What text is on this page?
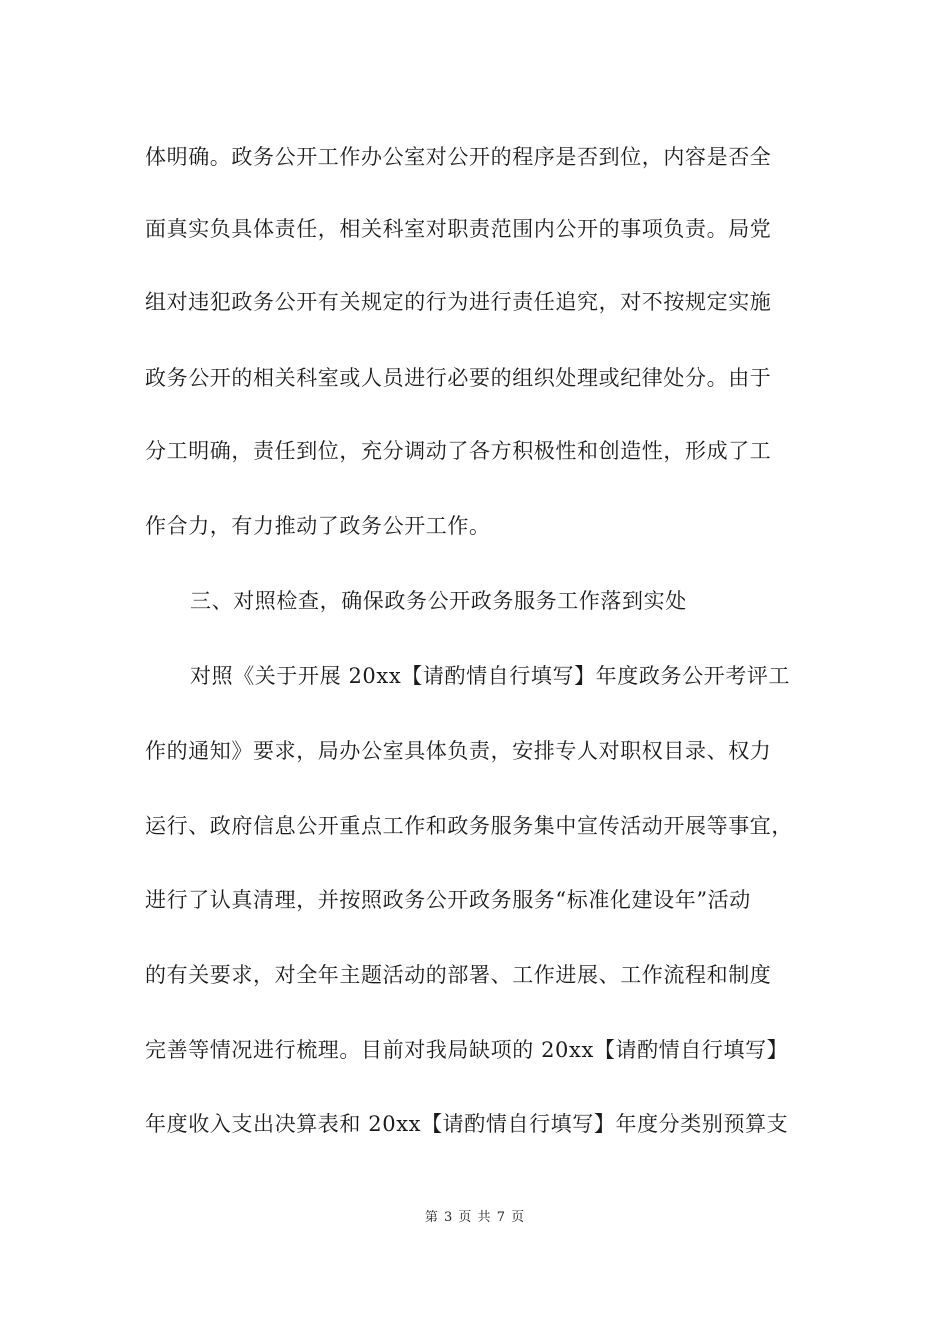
体明确。政务公开工作办公室对公开的程序是否到位，内容是否全
面真实负具体责任，相关科室对职责范围内公开的事项负责。局党
组对违犯政务公开有关规定的行为进行责任追究，对不按规定实施
政务公开的相关科室或人员进行必要的组织处理或纪律处分。由于
分工明确，责任到位，充分调动了各方积极性和创造性，形成了工
作合力，有力推动了政务公开工作。
三、对照检查，确保政务公开政务服务工作落到实处
对照《关于开展 20xx【请酌情自行填写】年度政务公开考评工
作的通知》要求，局办公室具体负责，安排专人对职权目录、权力
运行、政府信息公开重点工作和政务服务集中宣传活动开展等事宜，
进行了认真清理，并按照政务公开政务服务“标准化建设年”活动
的有关要求，对全年主题活动的部署、工作进展、工作流程和制度
完善等情况进行梳理。目前对我局缺项的 20xx【请酌情自行填写】
年度收入支出决算表和 20xx【请酌情自行填写】年度分类别预算支
第 3 页 共 7 页
